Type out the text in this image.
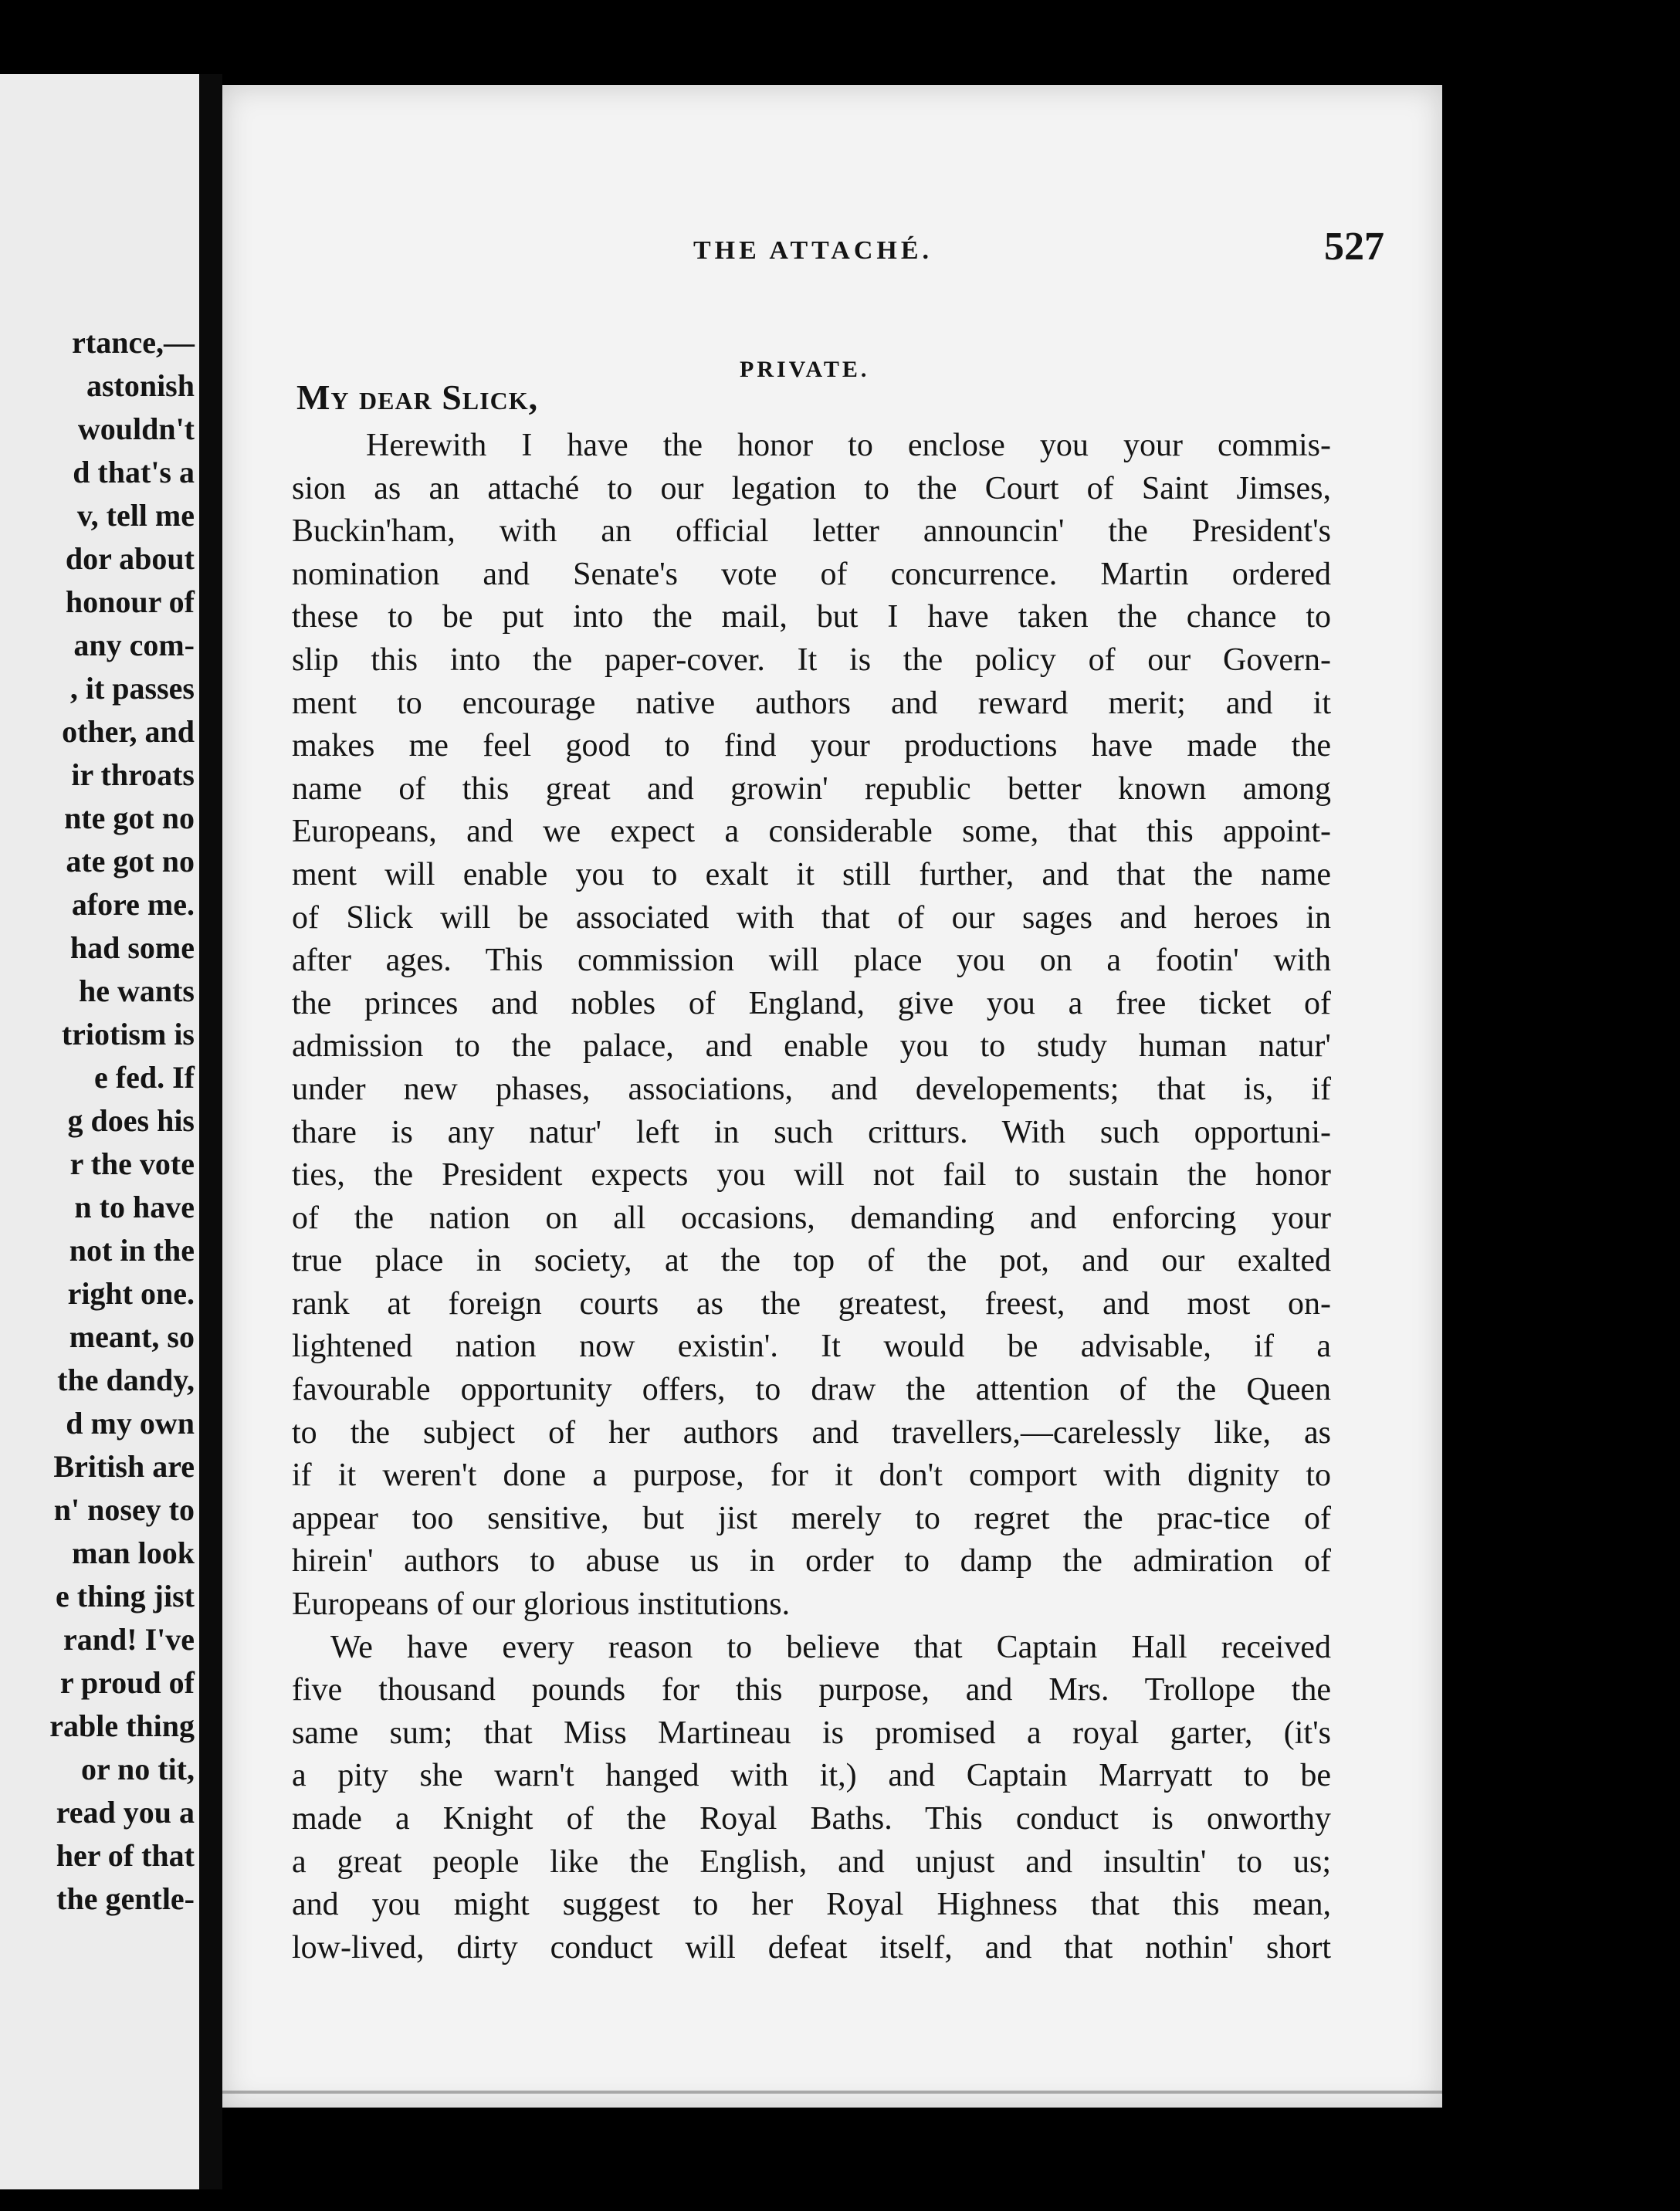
rtance,—
astonish
wouldn't
d that's a
v, tell me
dor about
honour of
any com-
, it passes
other, and
ir throats
nte got no
ate got no
afore me.
had some
he wants
triotism is
e fed. If
g does his
r the vote
n to have
not in the
right one.
meant, so
the dandy,
d my own
British are
n' nosey to
man look
e thing jist
rand! I've
r proud of
rable thing
or no tit,
read you a
her of that
the gentle-
THE ATTACHÉ.	527
PRIVATE.
My dear Slick,
Herewith I have the honor to enclose you your commis-
sion as an attaché to our legation to the Court of Saint Jimses,
Buckin'ham, with an official letter announcin' the President's
nomination and Senate's vote of concurrence. Martin ordered
these to be put into the mail, but I have taken the chance to
slip this into the paper-cover. It is the policy of our Govern-
ment to encourage native authors and reward merit; and it
makes me feel good to find your productions have made the
name of this great and growin' republic better known among
Europeans, and we expect a considerable some, that this appoint-
ment will enable you to exalt it still further, and that the name
of Slick will be associated with that of our sages and heroes in
after ages. This commission will place you on a footin' with
the princes and nobles of England, give you a free ticket of
admission to the palace, and enable you to study human natur'
under new phases, associations, and developements; that is, if
thare is any natur' left in such critturs. With such opportuni-
ties, the President expects you will not fail to sustain the honor
of the nation on all occasions, demanding and enforcing your
true place in society, at the top of the pot, and our exalted
rank at foreign courts as the greatest, freest, and most on-
lightened nation now existin'. It would be advisable, if a
favourable opportunity offers, to draw the attention of the Queen
to the subject of her authors and travellers,—carelessly like, as
if it weren't done a purpose, for it don't comport with dignity to
appear too sensitive, but jist merely to regret the prac-tice of
hirein' authors to abuse us in order to damp the admiration of
Europeans of our glorious institutions.
We have every reason to believe that Captain Hall received
five thousand pounds for this purpose, and Mrs. Trollope the
same sum; that Miss Martineau is promised a royal garter, (it's
a pity she warn't hanged with it,) and Captain Marryatt to be
made a Knight of the Royal Baths. This conduct is onworthy
a great people like the English, and unjust and insultin' to us;
and you might suggest to her Royal Highness that this mean,
low-lived, dirty conduct will defeat itself, and that nothin' short
